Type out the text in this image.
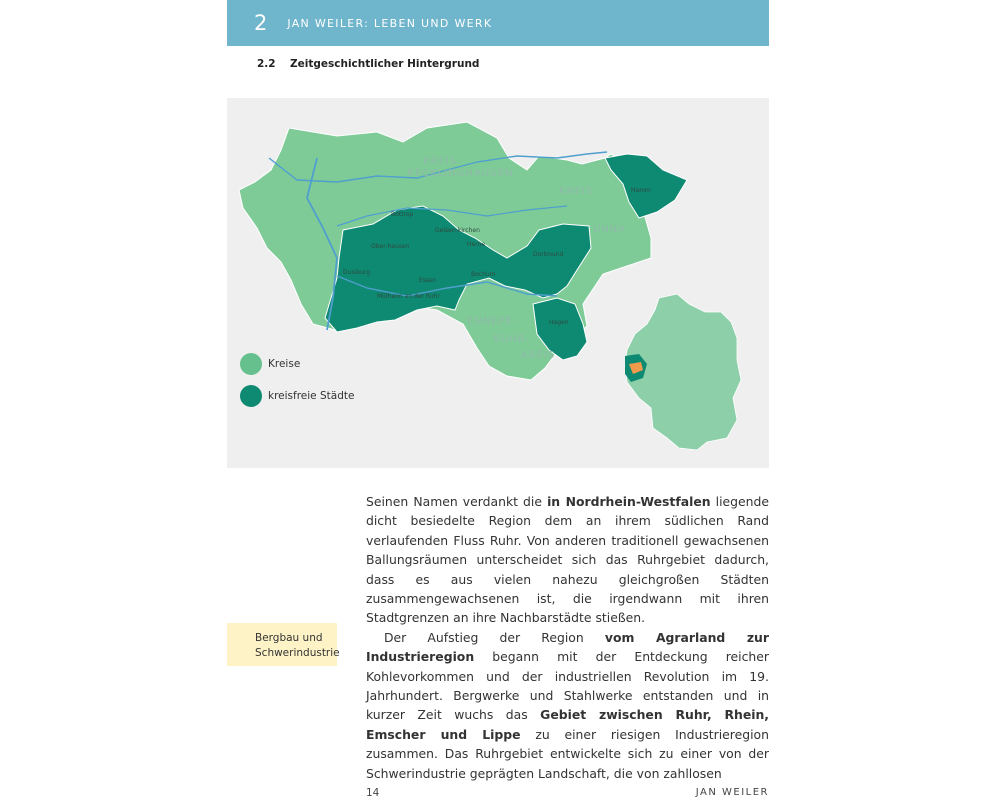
2 JAN WEILER: LEBEN UND WERK
2.2 Zeitgeschichtlicher Hintergrund
KREIS
RECKLINGHAUSEN
KREIS
UNNA
ENNEPE-
RUHR-
KREIS
Bottrop
Gelsen-kirchen
Herne
Ober-hausen
Duisburg	Bochum
Dortmund
Mülheim an der Ruhr
Essen
Hagen
Hamm
Kreise
kreisfreie Städte
Bergbau und Schwerindustrie

Seinen Namen verdankt die in Nordrhein-Westfalen liegende dicht besiedelte Region dem an ihrem südlichen Rand verlaufenden Fluss Ruhr. Von anderen traditionell gewachsenen Ballungsräumen unterscheidet sich das Ruhrgebiet dadurch, dass es aus vielen nahezu gleichgroßen Städten zusammengewachsenen ist, die irgendwann mit ihren Stadtgrenzen an ihre Nachbarstädte stießen.

Der Aufstieg der Region vom Agrarland zur Industrieregion begann mit der Entdeckung reicher Kohlevorkommen und der industriellen Revolution im 19. Jahrhundert. Bergwerke und Stahlwerke entstanden und in kurzer Zeit wuchs das Gebiet zwischen Ruhr, Rhein, Emscher und Lippe zu einer riesigen Industrieregion zusammen. Das Ruhrgebiet entwickelte sich zu einer von der Schwerindustrie geprägten Landschaft, die von zahllosen

14	JAN WEILER
